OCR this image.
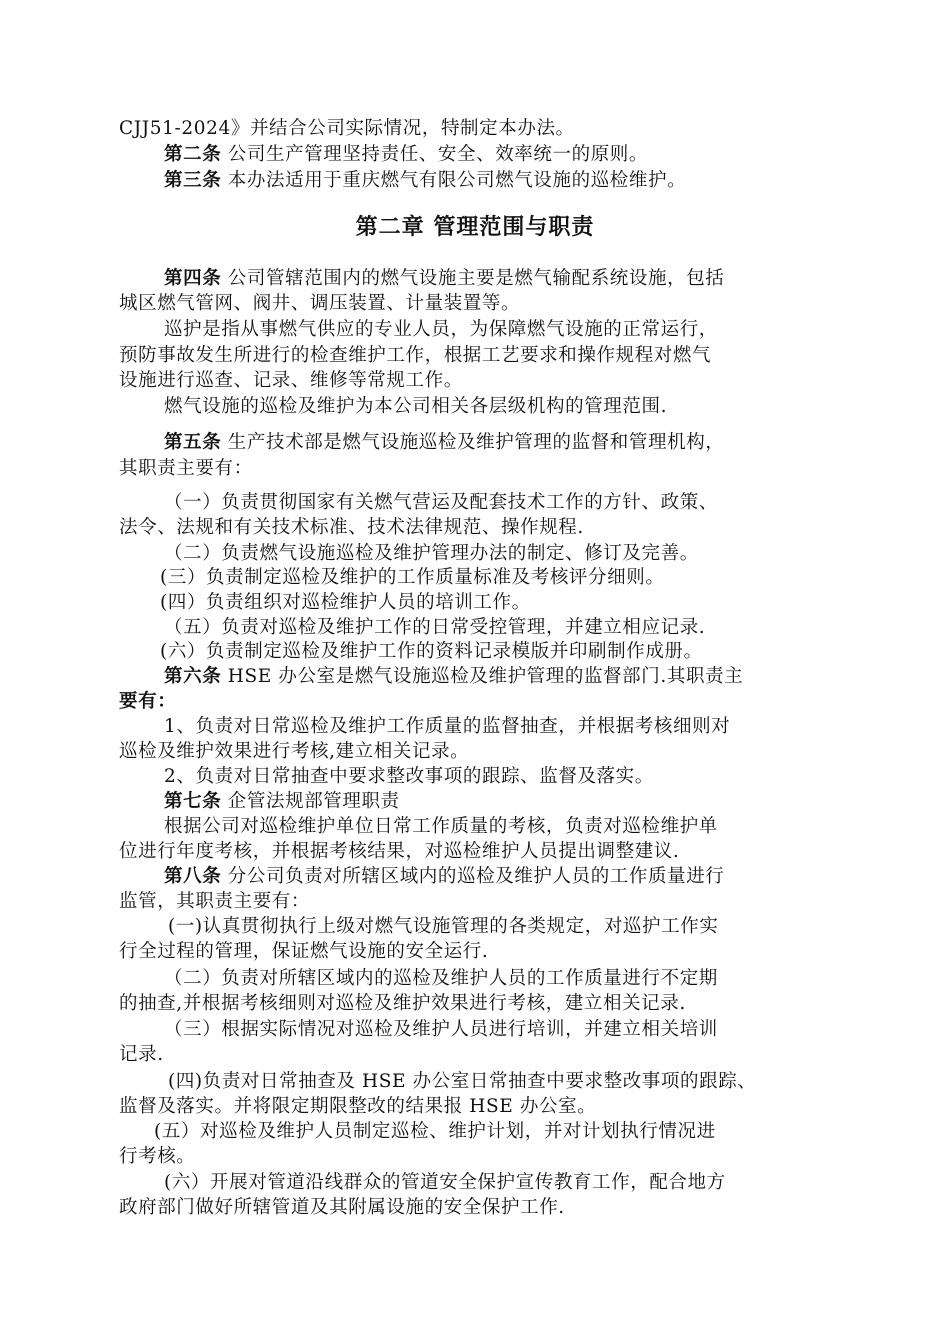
CJJ51-2024》并结合公司实际情况，特制定本办法。
第二条 公司生产管理坚持责任、安全、效率统一的原则。
第三条 本办法适用于重庆燃气有限公司燃气设施的巡检维护。
第二章 管理范围与职责
第四条 公司管辖范围内的燃气设施主要是燃气输配系统设施，包括
城区燃气管网、阀井、调压装置、计量装置等。
巡护是指从事燃气供应的专业人员，为保障燃气设施的正常运行，
预防事故发生所进行的检查维护工作，根据工艺要求和操作规程对燃气
设施进行巡查、记录、维修等常规工作。
燃气设施的巡检及维护为本公司相关各层级机构的管理范围.
第五条 生产技术部是燃气设施巡检及维护管理的监督和管理机构，
其职责主要有：
（一）负责贯彻国家有关燃气营运及配套技术工作的方针、政策、
法令、法规和有关技术标准、技术法律规范、操作规程.
（二）负责燃气设施巡检及维护管理办法的制定、修订及完善。
(三）负责制定巡检及维护的工作质量标准及考核评分细则。
(四）负责组织对巡检维护人员的培训工作。
（五）负责对巡检及维护工作的日常受控管理，并建立相应记录.
(六）负责制定巡检及维护工作的资料记录模版并印刷制作成册。
第六条 HSE 办公室是燃气设施巡检及维护管理的监督部门.其职责主
要有：
1、负责对日常巡检及维护工作质量的监督抽查，并根据考核细则对
巡检及维护效果进行考核,建立相关记录。
2、负责对日常抽查中要求整改事项的跟踪、监督及落实。
第七条 企管法规部管理职责
根据公司对巡检维护单位日常工作质量的考核，负责对巡检维护单
位进行年度考核，并根据考核结果，对巡检维护人员提出调整建议.
第八条 分公司负责对所辖区域内的巡检及维护人员的工作质量进行
监管，其职责主要有：
(一)认真贯彻执行上级对燃气设施管理的各类规定，对巡护工作实
行全过程的管理，保证燃气设施的安全运行.
（二）负责对所辖区域内的巡检及维护人员的工作质量进行不定期
的抽查,并根据考核细则对巡检及维护效果进行考核，建立相关记录.
（三）根据实际情况对巡检及维护人员进行培训，并建立相关培训
记录.
(四)负责对日常抽查及 HSE 办公室日常抽查中要求整改事项的跟踪、
监督及落实。并将限定期限整改的结果报 HSE 办公室。
(五）对巡检及维护人员制定巡检、维护计划，并对计划执行情况进
行考核。
(六）开展对管道沿线群众的管道安全保护宣传教育工作，配合地方
政府部门做好所辖管道及其附属设施的安全保护工作.
